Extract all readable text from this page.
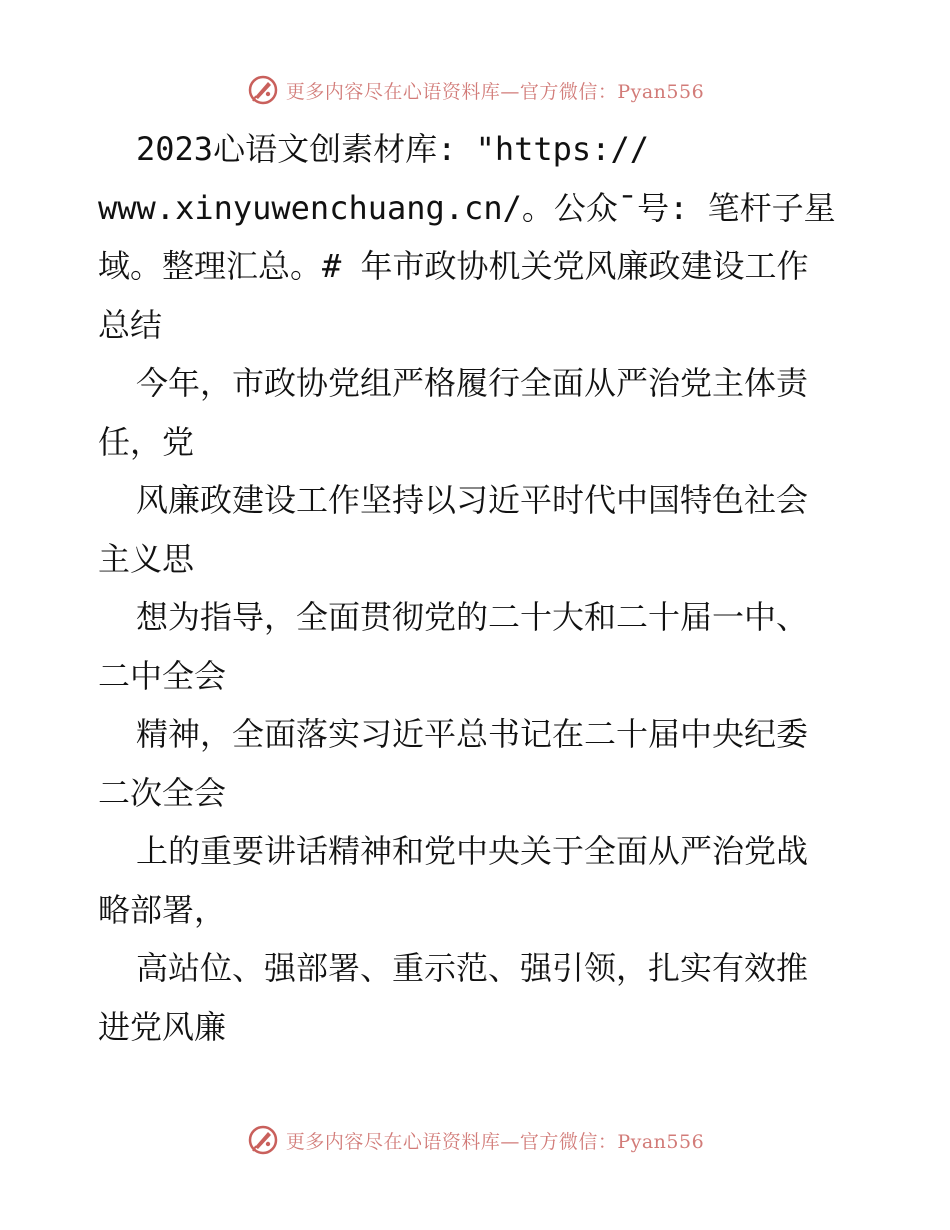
更多内容尽在心语资料库—官方微信：Pyan556
2023心语文创素材库: "https://
www.xinyuwenchuang.cn/。公众¯号: 笔杆子星
域。整理汇总。# 年市政协机关党风廉政建设工作
总结
今年，市政协党组严格履行全面从严治党主体责
任，党
风廉政建设工作坚持以习近平时代中国特色社会
主义思
想为指导，全面贯彻党的二十大和二十届一中、
二中全会
精神，全面落实习近平总书记在二十届中央纪委
二次全会
上的重要讲话精神和党中央关于全面从严治党战
略部署，
高站位、强部署、重示范、强引领，扎实有效推
进党风廉
更多内容尽在心语资料库—官方微信：Pyan556
